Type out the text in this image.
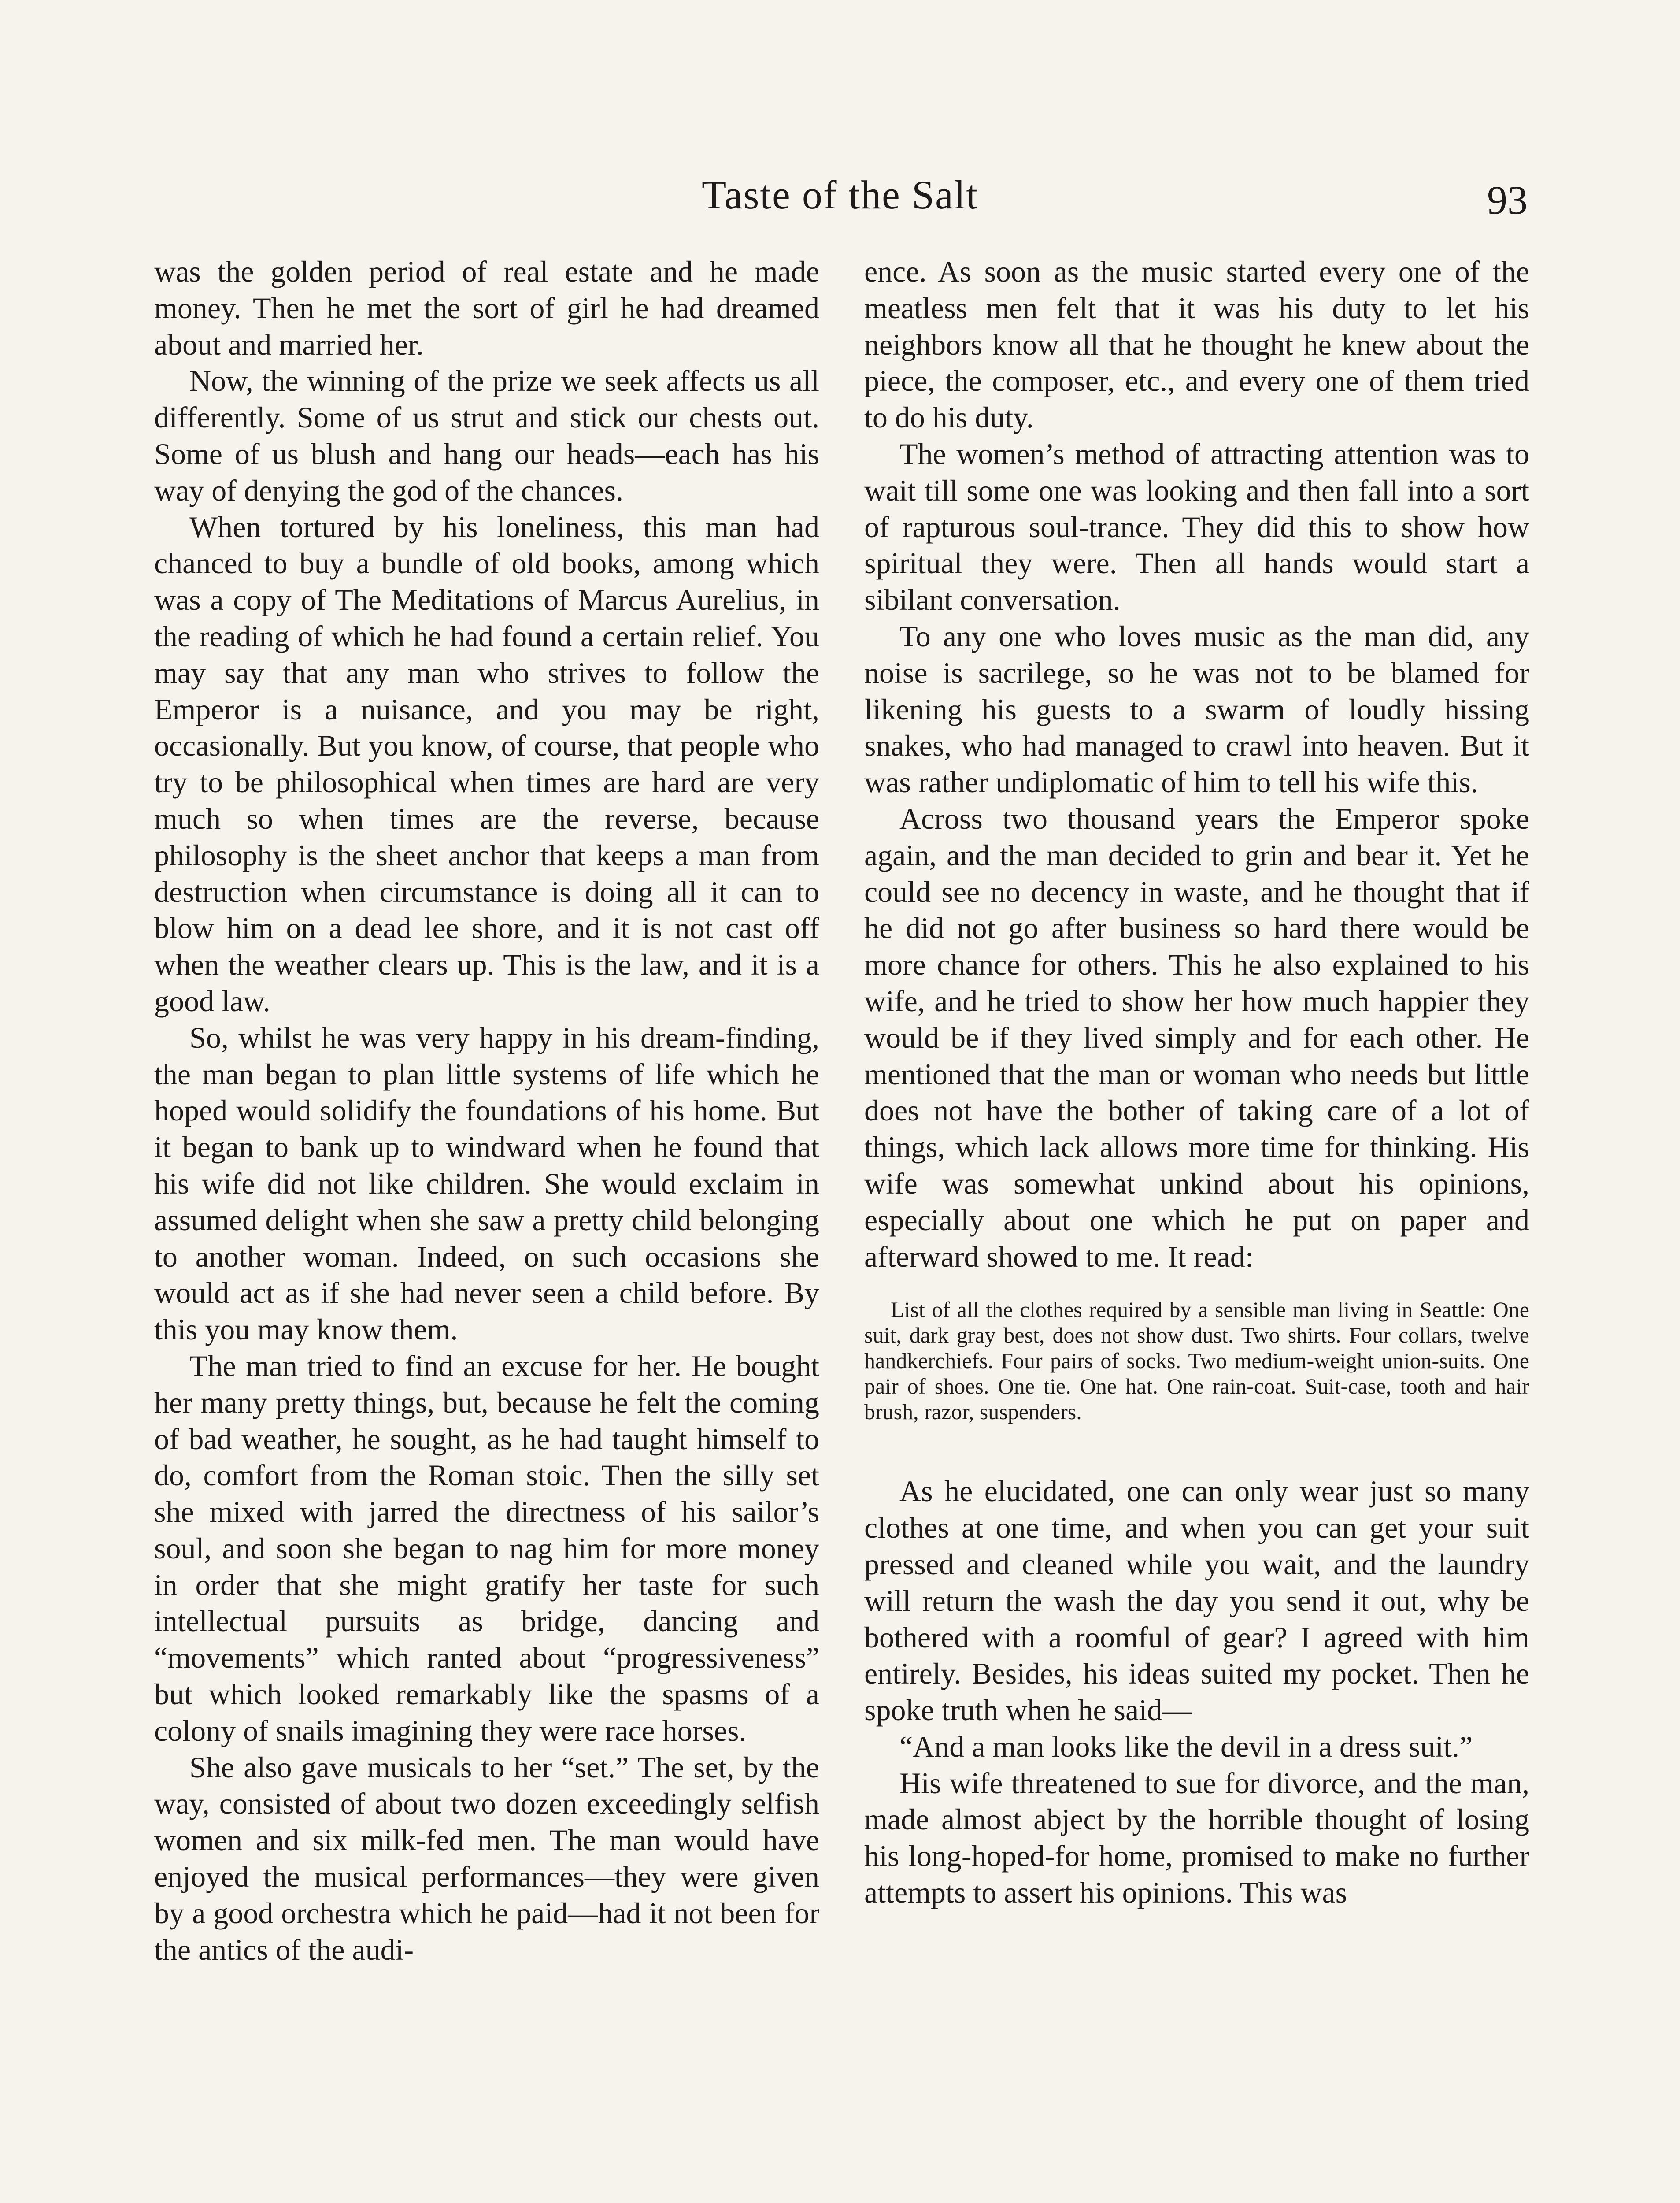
Taste of the Salt	93

was the golden period of real estate and he made money. Then he met the sort of girl he had dreamed about and married her.

Now, the winning of the prize we seek affects us all differently. Some of us strut and stick our chests out. Some of us blush and hang our heads—each has his way of denying the god of the chances.

When tortured by his loneliness, this man had chanced to buy a bundle of old books, among which was a copy of The Meditations of Marcus Aurelius, in the reading of which he had found a certain relief. You may say that any man who strives to follow the Emperor is a nuisance, and you may be right, occasionally. But you know, of course, that people who try to be philosophical when times are hard are very much so when times are the reverse, because philosophy is the sheet anchor that keeps a man from destruction when circumstance is doing all it can to blow him on a dead lee shore, and it is not cast off when the weather clears up. This is the law, and it is a good law.

So, whilst he was very happy in his dream-finding, the man began to plan little systems of life which he hoped would solidify the foundations of his home. But it began to bank up to windward when he found that his wife did not like children. She would exclaim in assumed delight when she saw a pretty child belonging to another woman. Indeed, on such occasions she would act as if she had never seen a child before. By this you may know them.

The man tried to find an excuse for her. He bought her many pretty things, but, because he felt the coming of bad weather, he sought, as he had taught himself to do, comfort from the Roman stoic. Then the silly set she mixed with jarred the directness of his sailor’s soul, and soon she began to nag him for more money in order that she might gratify her taste for such intellectual pursuits as bridge, dancing and “movements” which ranted about “progressiveness” but which looked remarkably like the spasms of a colony of snails imagining they were race horses.

She also gave musicals to her “set.” The set, by the way, consisted of about two dozen exceedingly selfish women and six milk-fed men. The man would have enjoyed the musical performances—they were given by a good orchestra which he paid—had it not been for the antics of the audi-

ence. As soon as the music started every one of the meatless men felt that it was his duty to let his neighbors know all that he thought he knew about the piece, the composer, etc., and every one of them tried to do his duty.

The women’s method of attracting attention was to wait till some one was looking and then fall into a sort of rapturous soul-trance. They did this to show how spiritual they were. Then all hands would start a sibilant conversation.

To any one who loves music as the man did, any noise is sacrilege, so he was not to be blamed for likening his guests to a swarm of loudly hissing snakes, who had managed to crawl into heaven. But it was rather undiplomatic of him to tell his wife this.

Across two thousand years the Emperor spoke again, and the man decided to grin and bear it. Yet he could see no decency in waste, and he thought that if he did not go after business so hard there would be more chance for others. This he also explained to his wife, and he tried to show her how much happier they would be if they lived simply and for each other. He mentioned that the man or woman who needs but little does not have the bother of taking care of a lot of things, which lack allows more time for thinking. His wife was somewhat unkind about his opinions, especially about one which he put on paper and afterward showed to me. It read:

List of all the clothes required by a sensible man living in Seattle: One suit, dark gray best, does not show dust. Two shirts. Four collars, twelve handkerchiefs. Four pairs of socks. Two medium-weight union-suits. One pair of shoes. One tie. One hat. One rain-coat. Suit-case, tooth and hair brush, razor, suspenders.

As he elucidated, one can only wear just so many clothes at one time, and when you can get your suit pressed and cleaned while you wait, and the laundry will return the wash the day you send it out, why be bothered with a roomful of gear? I agreed with him entirely. Besides, his ideas suited my pocket. Then he spoke truth when he said—

“And a man looks like the devil in a dress suit.”

His wife threatened to sue for divorce, and the man, made almost abject by the horrible thought of losing his long-hoped-for home, promised to make no further attempts to assert his opinions. This was
